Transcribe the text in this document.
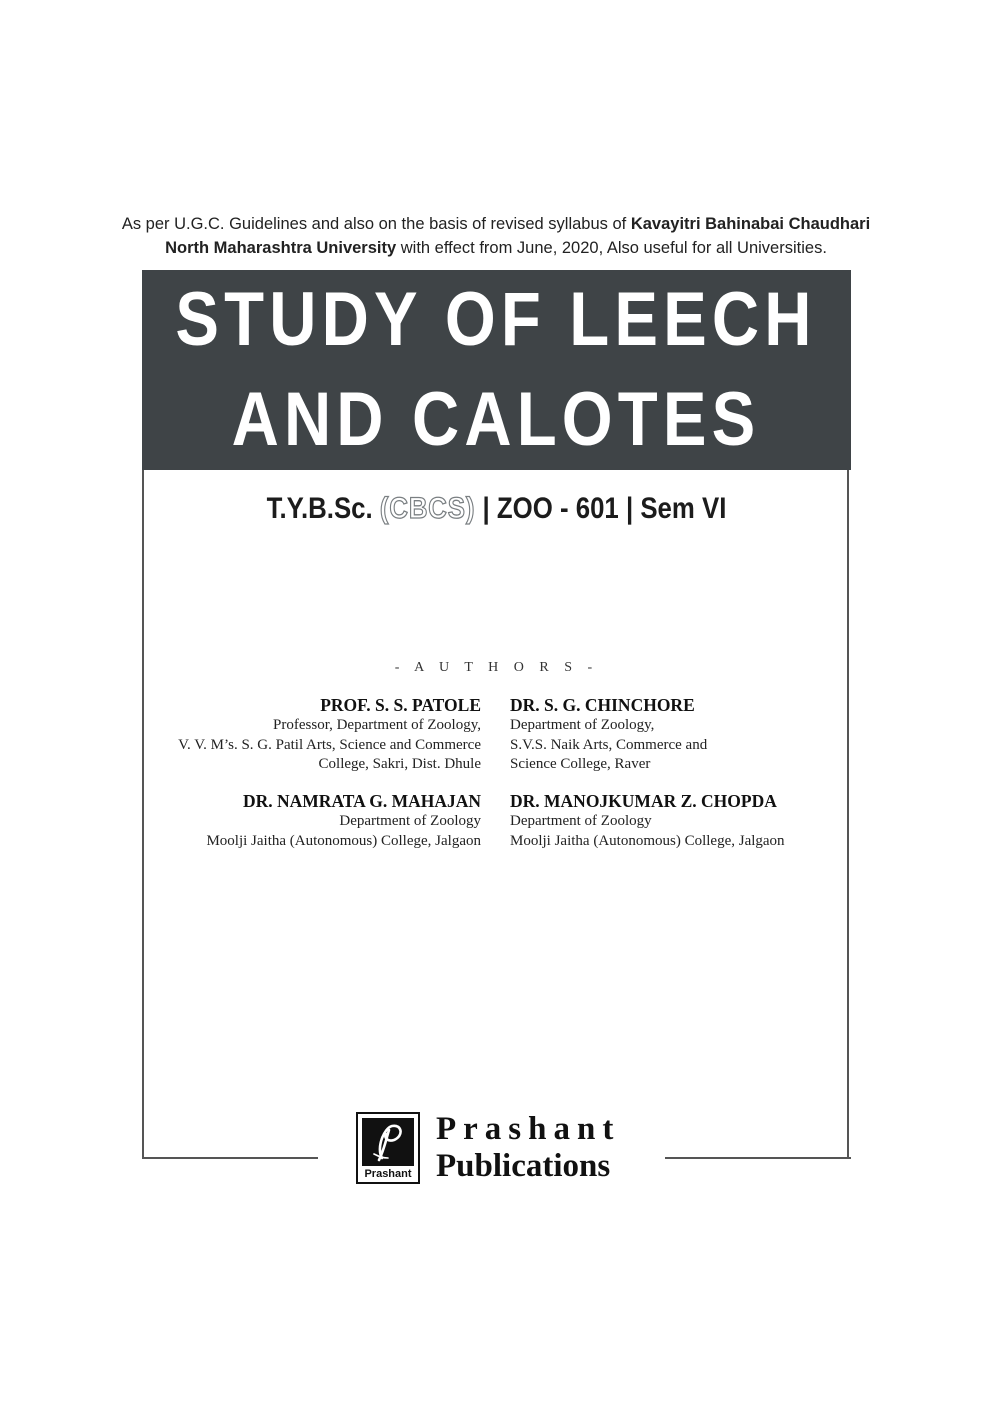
As per U.G.C. Guidelines and also on the basis of revised syllabus of Kavayitri Bahinabai Chaudhari
North Maharashtra University with effect from June, 2020, Also useful for all Universities.
STUDY OF LEECH
AND CALOTES
T.Y.B.Sc. (CBCS) | ZOO - 601 | Sem VI
- A U T H O R S -
PROF. S. S. PATOLE
Professor, Department of Zoology,
V. V. M’s. S. G. Patil Arts, Science and Commerce
College, Sakri, Dist. Dhule
DR. S. G. CHINCHORE
Department of Zoology,
S.V.S. Naik Arts, Commerce and
Science College, Raver
DR. NAMRATA G. MAHAJAN
Department of Zoology
Moolji Jaitha (Autonomous) College, Jalgaon
DR. MANOJKUMAR Z. CHOPDA
Department of Zoology
Moolji Jaitha (Autonomous) College, Jalgaon
Prashant
Prashant
Publications
